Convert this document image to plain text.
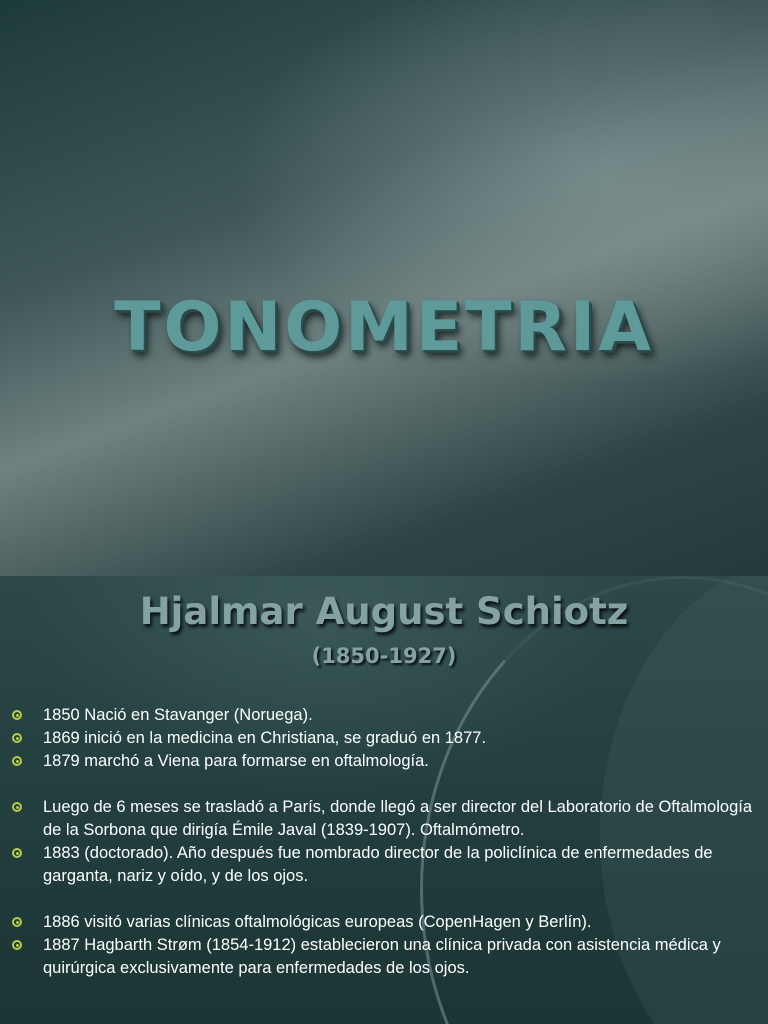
TONOMETRIA
Hjalmar August Schiotz
(1850-1927)
1850 Nació en Stavanger (Noruega).
1869 inició en la medicina en Christiana, se graduó en 1877.
1879 marchó a Viena para formarse en oftalmología.
Luego de 6 meses se trasladó a París, donde llegó a ser director del Laboratorio de Oftalmología de la Sorbona que dirigía Émile Javal (1839-1907). Oftalmómetro.
1883 (doctorado). Año después fue nombrado director de la policlínica de enfermedades de garganta, nariz y oído, y de los ojos.
1886 visitó varias clínicas oftalmológicas europeas (CopenHagen y Berlín).
1887 Hagbarth Strøm (1854-1912) establecieron una clínica privada con asistencia médica y quirúrgica exclusivamente para enfermedades de los ojos.
